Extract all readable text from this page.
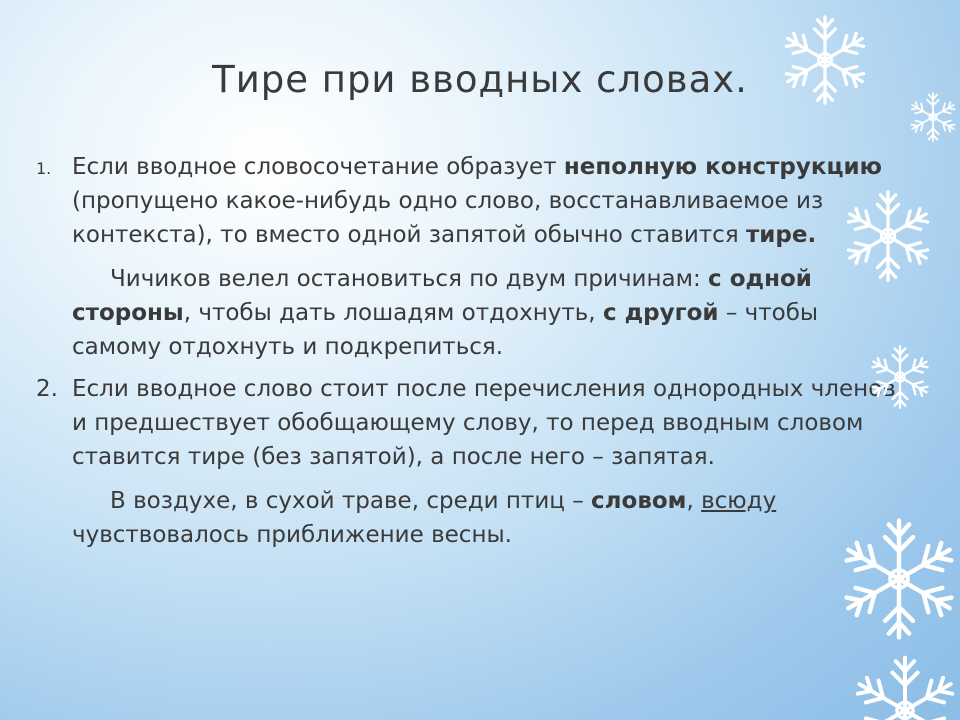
Тире при вводных словах.

1. Если вводное словосочетание образует неполную конструкцию (пропущено какое-нибудь одно слово, восстанавливаемое из контекста), то вместо одной запятой обычно ставится тире.

Чичиков велел остановиться по двум причинам: с одной стороны, чтобы дать лошадям отдохнуть, с другой – чтобы самому отдохнуть и подкрепиться.

2. Если вводное слово стоит после перечисления однородных членов и предшествует обобщающему слову, то перед вводным словом ставится тире (без запятой), а после него – запятая.

В воздухе, в сухой траве, среди птиц – словом, всюду чувствовалось приближение весны.
